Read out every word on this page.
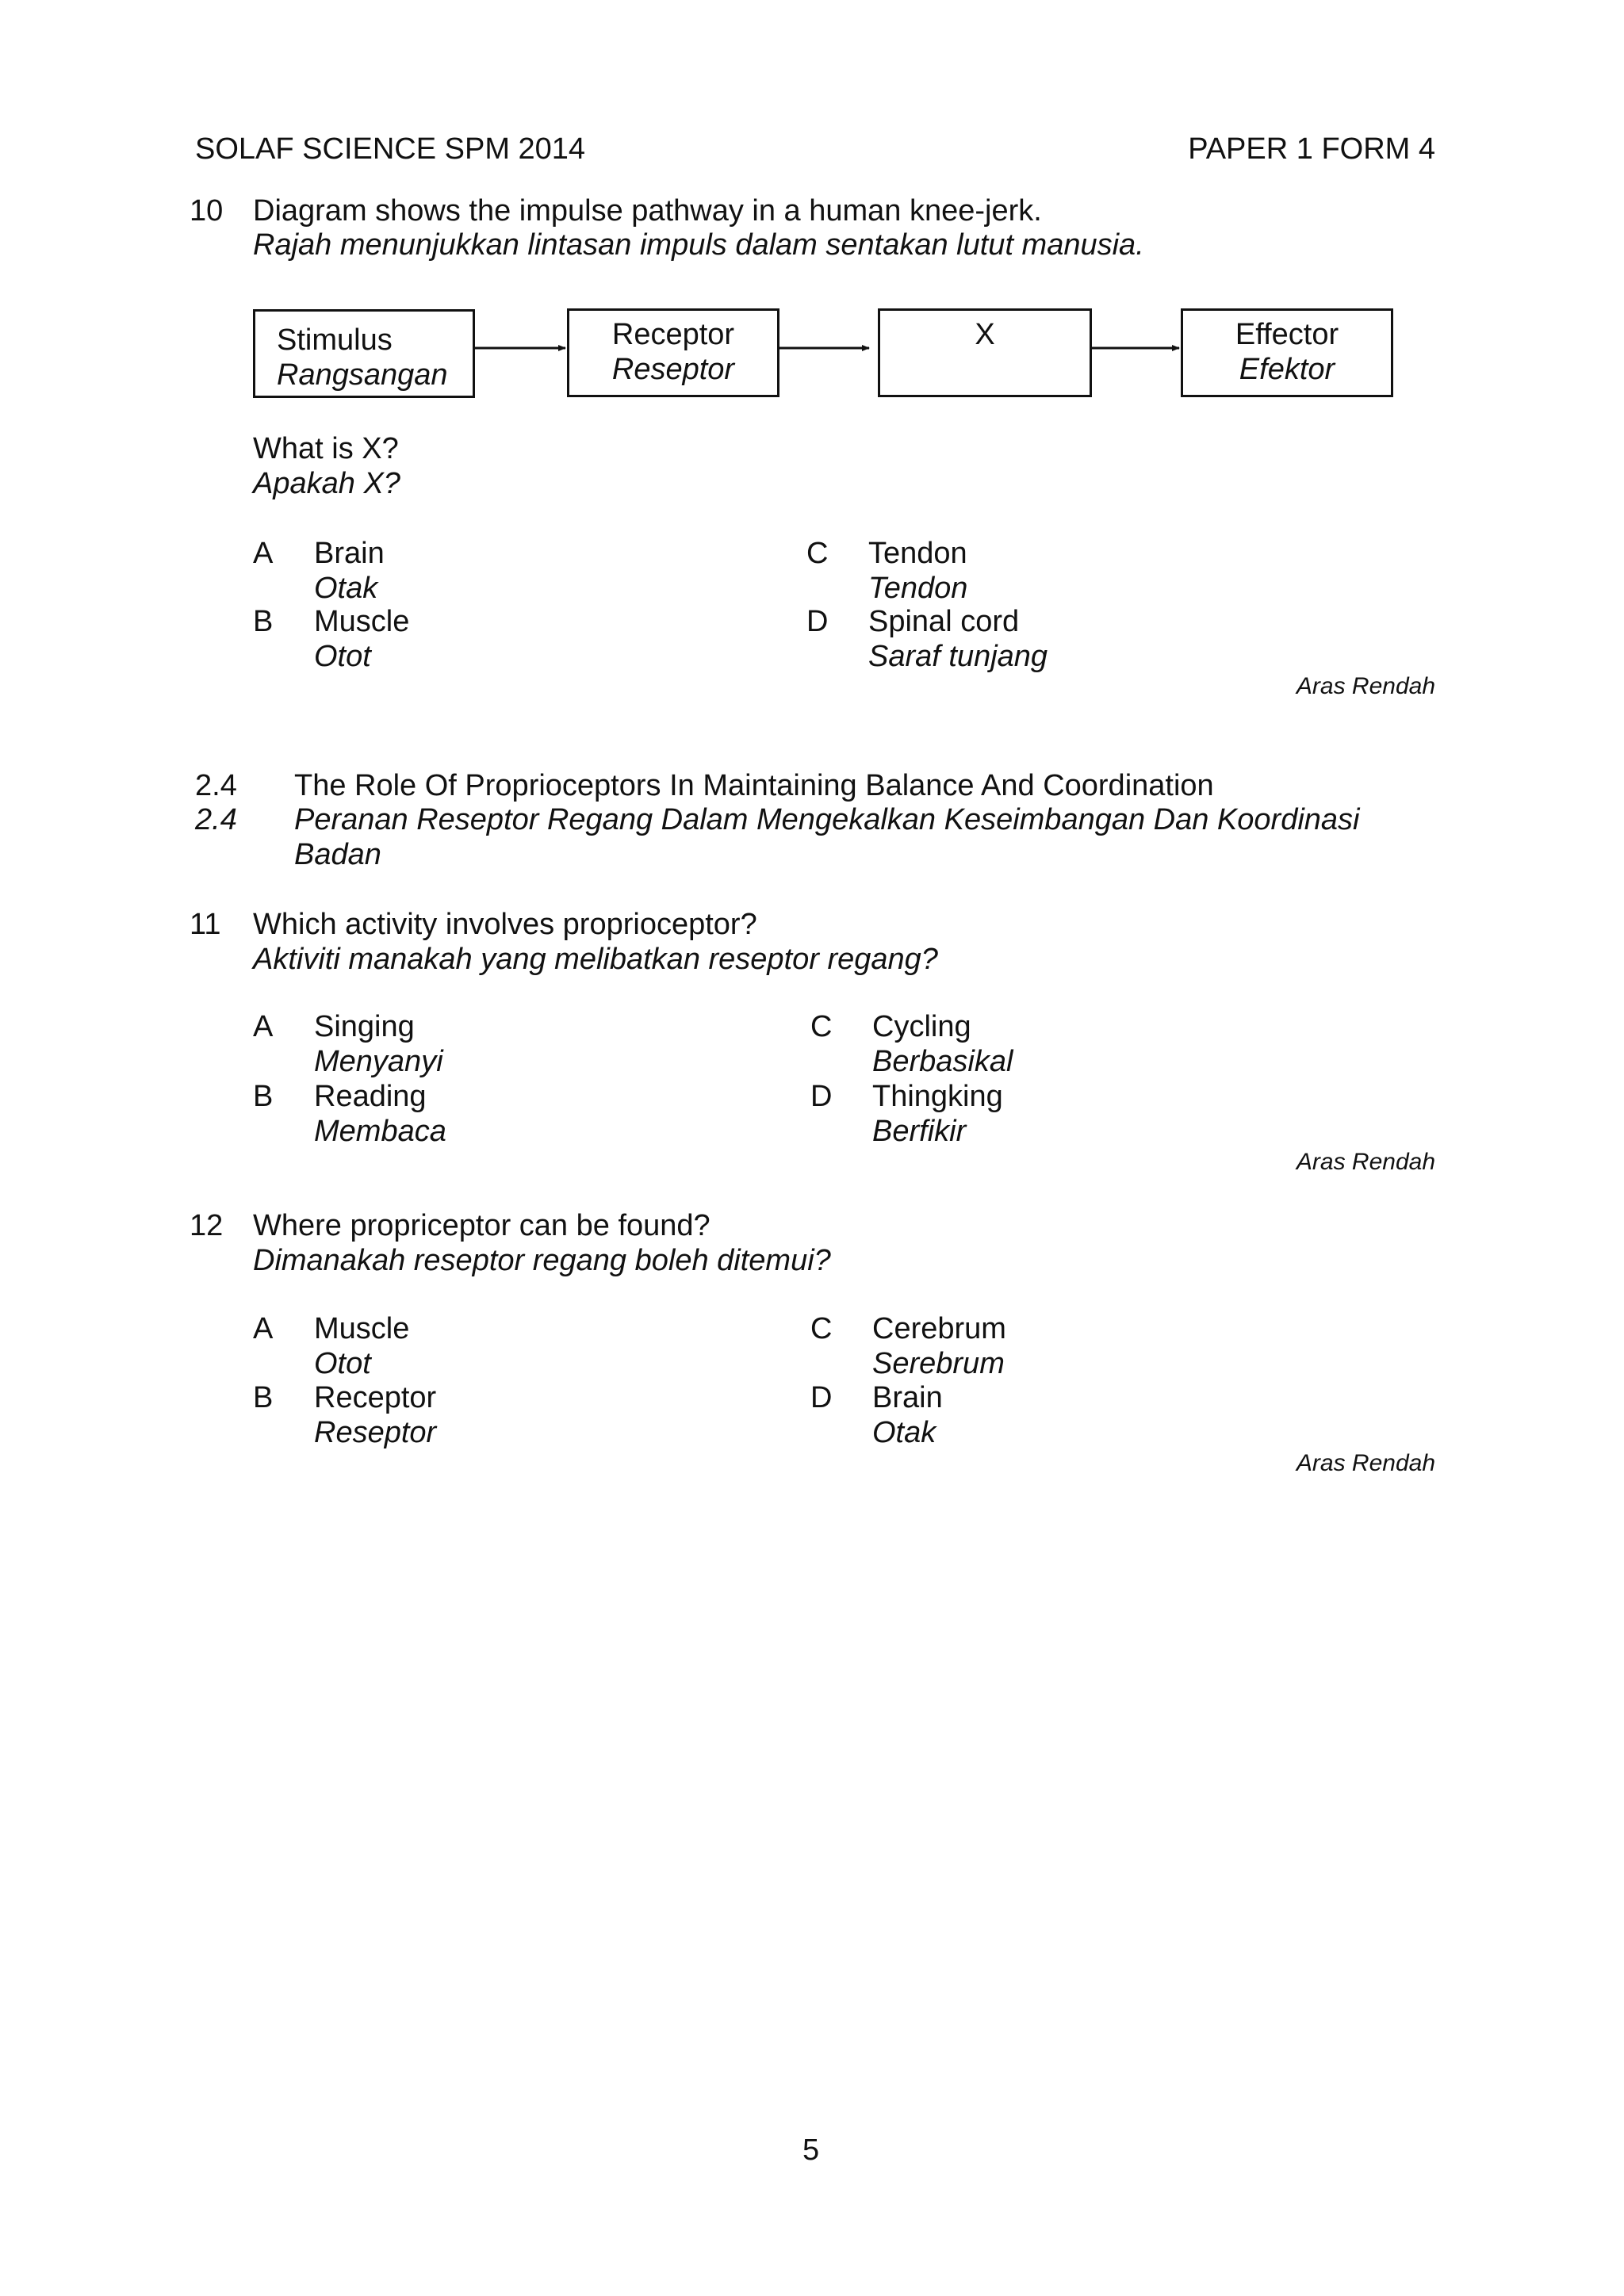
SOLAF SCIENCE SPM 2014	PAPER 1 FORM 4
10 Diagram shows the impulse pathway in a human knee-jerk.
Rajah menunjukkan lintasan impuls dalam sentakan lutut manusia.
Stimulus
Rangsangan
Receptor
Reseptor
X	Effector
Efektor
What is X?
Apakah X?
A Brain
Otak
B Muscle
Otot
C Tendon
Tendon
D Spinal cord
Saraf tunjang
Aras Rendah
2.4 The Role Of Proprioceptors In Maintaining Balance And Coordination
2.4 Peranan Reseptor Regang Dalam Mengekalkan Keseimbangan Dan Koordinasi
Badan
11 Which activity involves proprioceptor?
Aktiviti manakah yang melibatkan reseptor regang?
A Singing
Menyanyi
B Reading
Membaca
C Cycling
Berbasikal
D Thingking
Berfikir
Aras Rendah
12 Where propriceptor can be found?
Dimanakah reseptor regang boleh ditemui?
A Muscle
Otot
B Receptor
Reseptor
C Cerebrum
Serebrum
D Brain
Otak
Aras Rendah
5
